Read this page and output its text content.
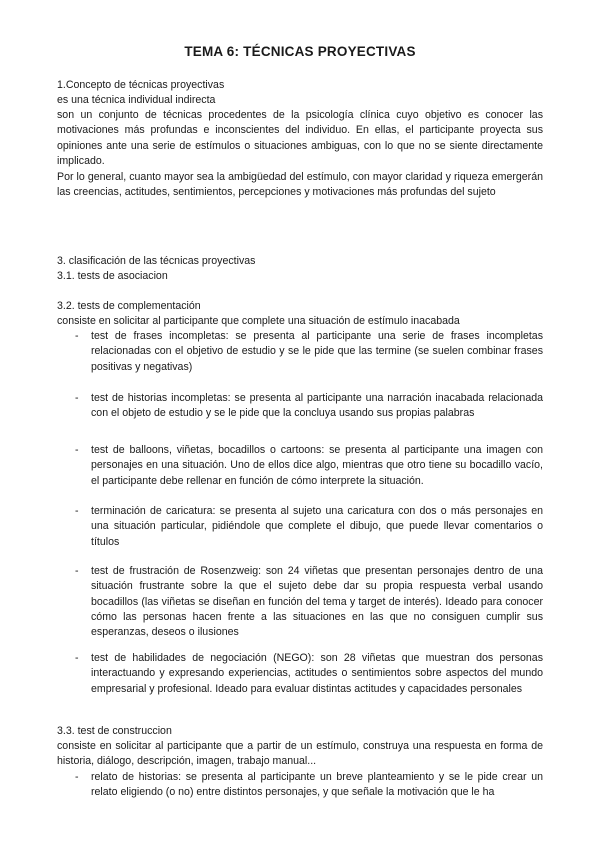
TEMA 6: TÉCNICAS PROYECTIVAS
1.Concepto de técnicas proyectivas
es una técnica individual indirecta

son un conjunto de técnicas procedentes de la psicología clínica cuyo objetivo es conocer las motivaciones más profundas e inconscientes del individuo. En ellas, el participante proyecta sus opiniones ante una serie de estímulos o situaciones ambiguas, con lo que no se siente directamente implicado.

Por lo general, cuanto mayor sea la ambigüedad del estímulo, con mayor claridad y riqueza emergerán las creencias, actitudes, sentimientos, percepciones y motivaciones más profundas del sujeto

3. clasificación de las técnicas proyectivas
3.1. tests de asociacion
3.2. tests de complementación
consiste en solicitar al participante que complete una situación de estímulo inacabada
- test de frases incompletas: se presenta al participante una serie de frases incompletas relacionadas con el objetivo de estudio y se le pide que las termine (se suelen combinar frases positivas y negativas)
- test de historias incompletas: se presenta al participante una narración inacabada relacionada con el objeto de estudio y se le pide que la concluya usando sus propias palabras
- test de balloons, viñetas, bocadillos o cartoons: se presenta al participante una imagen con personajes en una situación. Uno de ellos dice algo, mientras que otro tiene su bocadillo vacío, el participante debe rellenar en función de cómo interprete la situación.
- terminación de caricatura: se presenta al sujeto una caricatura con dos o más personajes en una situación particular, pidiéndole que complete el dibujo, que puede llevar comentarios o títulos
- test de frustración de Rosenzweig: son 24 viñetas que presentan personajes dentro de una situación frustrante sobre la que el sujeto debe dar su propia respuesta verbal usando bocadillos (las viñetas se diseñan en función del tema y target de interés). Ideado para conocer cómo las personas hacen frente a las situaciones en las que no consiguen cumplir sus esperanzas, deseos o ilusiones
- test de habilidades de negociación (NEGO): son 28 viñetas que muestran dos personas interactuando y expresando experiencias, actitudes o sentimientos sobre aspectos del mundo empresarial y profesional. Ideado para evaluar distintas actitudes y capacidades personales
3.3. test de construccion

consiste en solicitar al participante que a partir de un estímulo, construya una respuesta en forma de historia, diálogo, descripción, imagen, trabajo manual...

- relato de historias: se presenta al participante un breve planteamiento y se le pide crear un relato eligiendo (o no) entre distintos personajes, y que señale la motivación que le ha
